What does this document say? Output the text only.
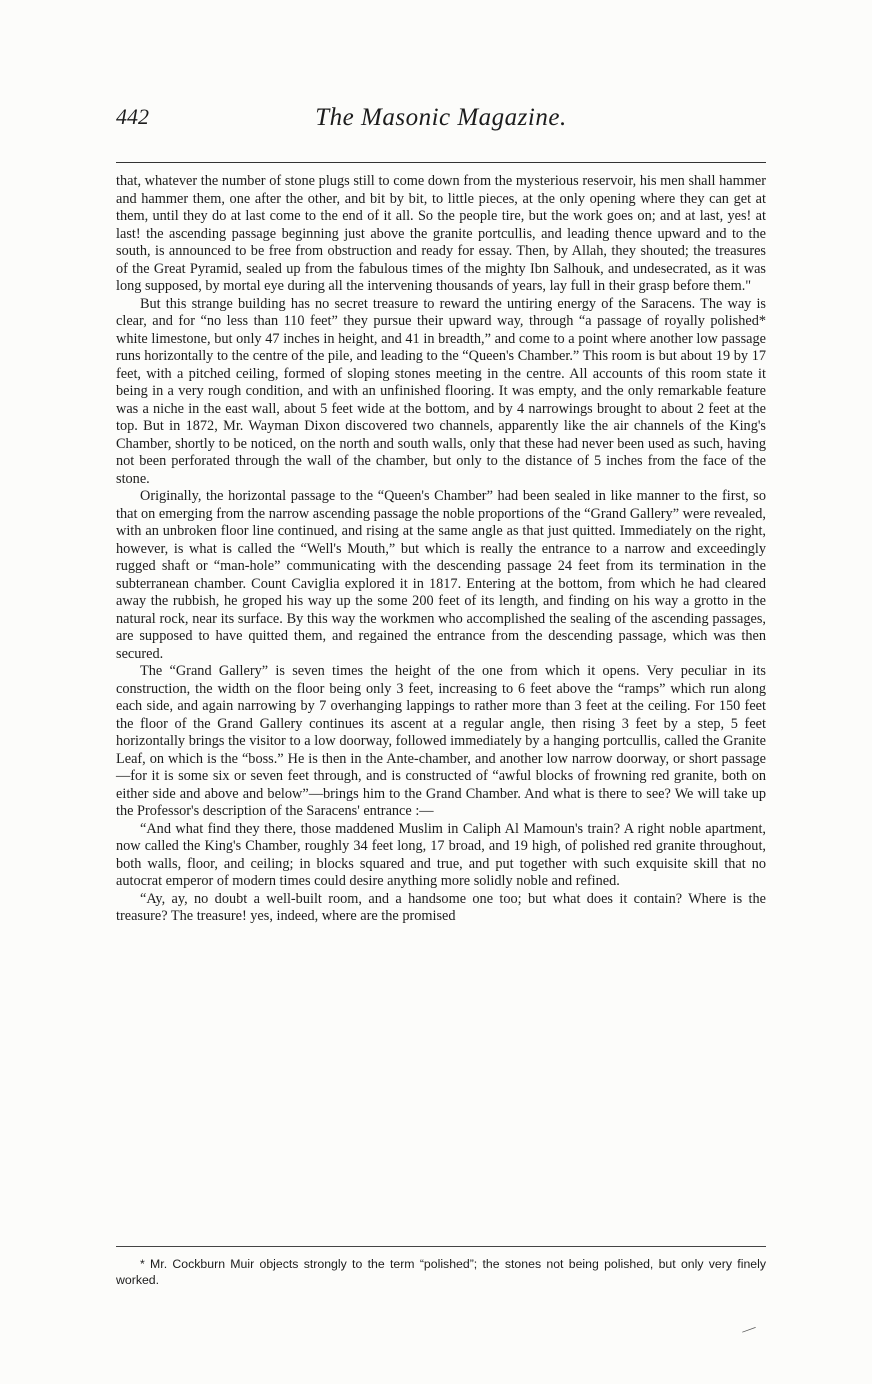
442	The Masonic Magazine.

that, whatever the number of stone plugs still to come down from the mysterious reservoir, his men shall hammer and hammer them, one after the other, and bit by bit, to little pieces, at the only opening where they can get at them, until they do at last come to the end of it all. So the people tire, but the work goes on; and at last, yes! at last! the ascending passage beginning just above the granite portcullis, and leading thence upward and to the south, is announced to be free from obstruction and ready for essay. Then, by Allah, they shouted; the treasures of the Great Pyramid, sealed up from the fabulous times of the mighty Ibn Salhouk, and undesecrated, as it was long supposed, by mortal eye during all the intervening thousands of years, lay full in their grasp before them."

But this strange building has no secret treasure to reward the untiring energy of the Saracens. The way is clear, and for “no less than 110 feet” they pursue their upward way, through “a passage of royally polished* white limestone, but only 47 inches in height, and 41 in breadth,” and come to a point where another low passage runs horizontally to the centre of the pile, and leading to the “Queen's Chamber.” This room is but about 19 by 17 feet, with a pitched ceiling, formed of sloping stones meeting in the centre. All accounts of this room state it being in a very rough condition, and with an unfinished flooring. It was empty, and the only remarkable feature was a niche in the east wall, about 5 feet wide at the bottom, and by 4 narrowings brought to about 2 feet at the top. But in 1872, Mr. Wayman Dixon discovered two channels, apparently like the air channels of the King's Chamber, shortly to be noticed, on the north and south walls, only that these had never been used as such, having not been perforated through the wall of the chamber, but only to the distance of 5 inches from the face of the stone.

Originally, the horizontal passage to the “Queen's Chamber” had been sealed in like manner to the first, so that on emerging from the narrow ascending passage the noble proportions of the “Grand Gallery” were revealed, with an unbroken floor line continued, and rising at the same angle as that just quitted. Immediately on the right, however, is what is called the “Well's Mouth,” but which is really the entrance to a narrow and exceedingly rugged shaft or “man-hole” communicating with the descending passage 24 feet from its termination in the subterranean chamber. Count Caviglia explored it in 1817. Entering at the bottom, from which he had cleared away the rubbish, he groped his way up the some 200 feet of its length, and finding on his way a grotto in the natural rock, near its surface. By this way the workmen who accomplished the sealing of the ascending passages, are supposed to have quitted them, and regained the entrance from the descending passage, which was then secured.

The “Grand Gallery” is seven times the height of the one from which it opens. Very peculiar in its construction, the width on the floor being only 3 feet, increasing to 6 feet above the “ramps” which run along each side, and again narrowing by 7 overhanging lappings to rather more than 3 feet at the ceiling. For 150 feet the floor of the Grand Gallery continues its ascent at a regular angle, then rising 3 feet by a step, 5 feet horizontally brings the visitor to a low doorway, followed immediately by a hanging portcullis, called the Granite Leaf, on which is the “boss.” He is then in the Ante-chamber, and another low narrow doorway, or short passage—for it is some six or seven feet through, and is constructed of “awful blocks of frowning red granite, both on either side and above and below”—brings him to the Grand Chamber. And what is there to see? We will take up the Professor's description of the Saracens' entrance :—

“And what find they there, those maddened Muslim in Caliph Al Mamoun's train? A right noble apartment, now called the King's Chamber, roughly 34 feet long, 17 broad, and 19 high, of polished red granite throughout, both walls, floor, and ceiling; in blocks squared and true, and put together with such exquisite skill that no autocrat emperor of modern times could desire anything more solidly noble and refined.

“Ay, ay, no doubt a well-built room, and a handsome one too; but what does it contain? Where is the treasure? The treasure! yes, indeed, where are the promised

* Mr. Cockburn Muir objects strongly to the term “polished”; the stones not being polished, but only very finely worked.

—
